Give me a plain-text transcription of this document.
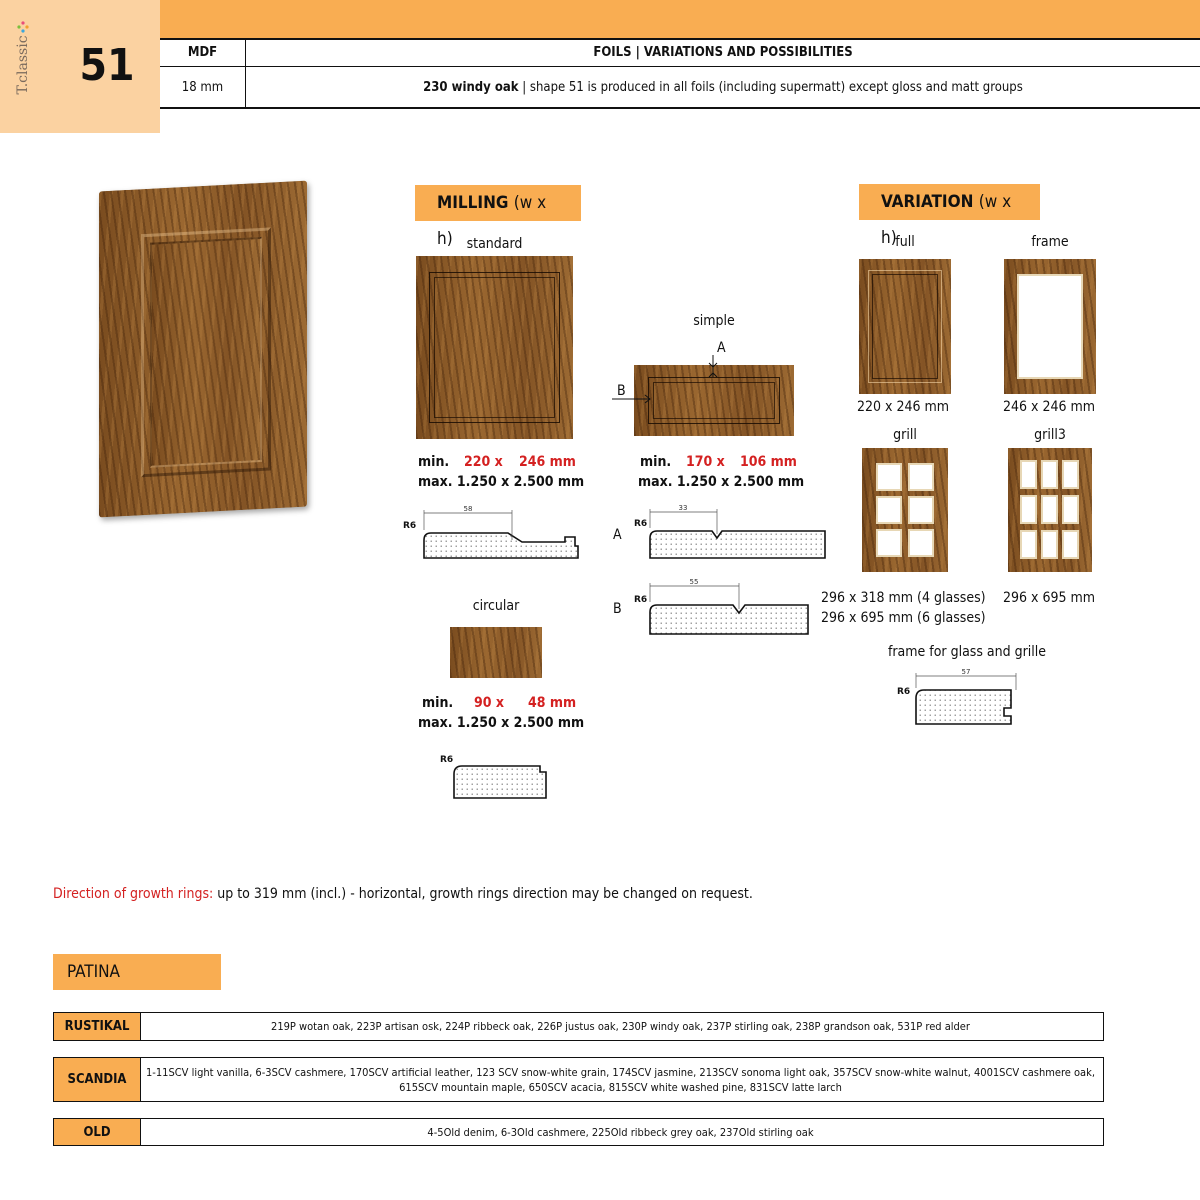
T.classic	51	MDF	FOILS | VARIATIONS AND POSSIBILITIES
18 mm	230 windy oak | shape 51 is produced in all foils (including supermatt) except gloss and matt groups
MILLING (w x h) standard
min. 220 x 246 mm
max. 1.250 x 2.500 mm
58
R6
simple
A
B
min. 170 x 106 mm
max. 1.250 x 2.500 mm
A
33
R6
B
55
R6
circular
min. 90 x 48 mm
max. 1.250 x 2.500 mm
R6
VARIATION (w x h)
full
220 x 246 mm
frame
246 x 246 mm
grill
296 x 318 mm (4 glasses)
296 x 695 mm (6 glasses)
grill3
296 x 695 mm
frame for glass and grille
57
R6
Direction of growth rings: up to 319 mm (incl.) - horizontal, growth rings direction may be changed on request.
PATINA
RUSTIKAL	219P wotan oak, 223P artisan osk, 224P ribbeck oak, 226P justus oak, 230P windy oak, 237P stirling oak, 238P grandson oak, 531P red alder
SCANDIA	1-11SCV light vanilla, 6-3SCV cashmere, 170SCV artificial leather, 123 SCV snow-white grain, 174SCV jasmine, 213SCV sonoma light oak, 357SCV snow-white walnut, 4001SCV cashmere oak, 615SCV mountain maple, 650SCV acacia, 815SCV white washed pine, 831SCV latte larch
OLD	4-5Old denim, 6-3Old cashmere, 225Old ribbeck grey oak, 237Old stirling oak
